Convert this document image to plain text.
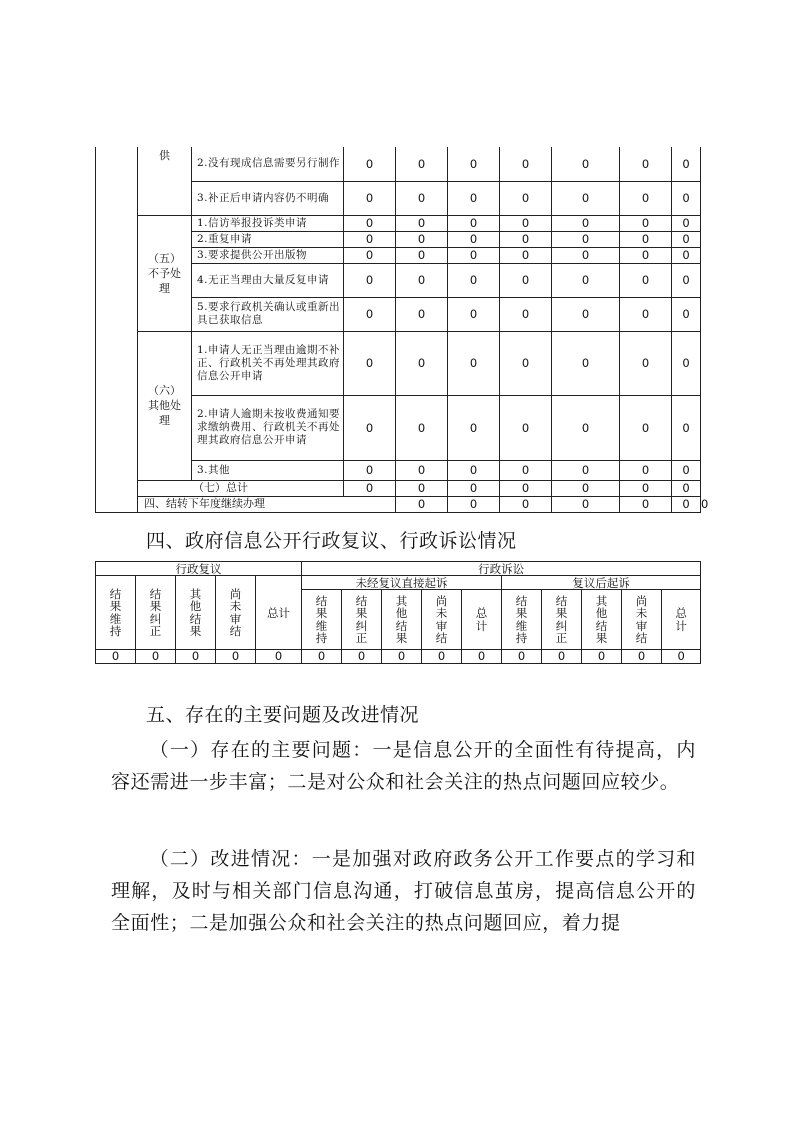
	供	2.没有现成信息需要另行制作	0	0	0	0	0	0	0	
		3.补正后申请内容仍不明确	0	0	0	0	0	0	0	
	（五）不予处理	1.信访举报投诉类申请	0	0	0	0	0	0	0	
		2.重复申请	0	0	0	0	0	0	0	
		3.要求提供公开出版物	0	0	0	0	0	0	0	
		4.无正当理由大量反复申请	0	0	0	0	0	0	0	
		5.要求行政机关确认或重新出具已获取信息	0	0	0	0	0	0	0	
	（六）其他处理	1.申请人无正当理由逾期不补正、行政机关不再处理其政府信息公开申请	0	0	0	0	0	0	0	
		2.申请人逾期未按收费通知要求缴纳费用、行政机关不再处理其政府信息公开申请	0	0	0	0	0	0	0	
		3.其他	0	0	0	0	0	0	0	
	（七）总计		0	0	0	0	0	0	0	
	四、结转下年度继续办理			0	0	0	0	0	0	0
四、政府信息公开行政复议、行政诉讼情况
行政复议					行政诉讼									
结果维持	结果纠正	其他结果	尚未审结	总计	未经复议直接起诉					复议后起诉				
					结果维持	结果纠正	其他结果	尚未审结	总计	结果维持	结果纠正	其他结果	尚未审结	总计
0	0	0	0	0	0	0	0	0	0	0	0	0	0	0
五、存在的主要问题及改进情况
（一）存在的主要问题：一是信息公开的全面性有待提高，内容还需进一步丰富；二是对公众和社会关注的热点问题回应较少。
（二）改进情况：一是加强对政府政务公开工作要点的学习和理解，及时与相关部门信息沟通，打破信息茧房，提高信息公开的全面性；二是加强公众和社会关注的热点问题回应，着力提
